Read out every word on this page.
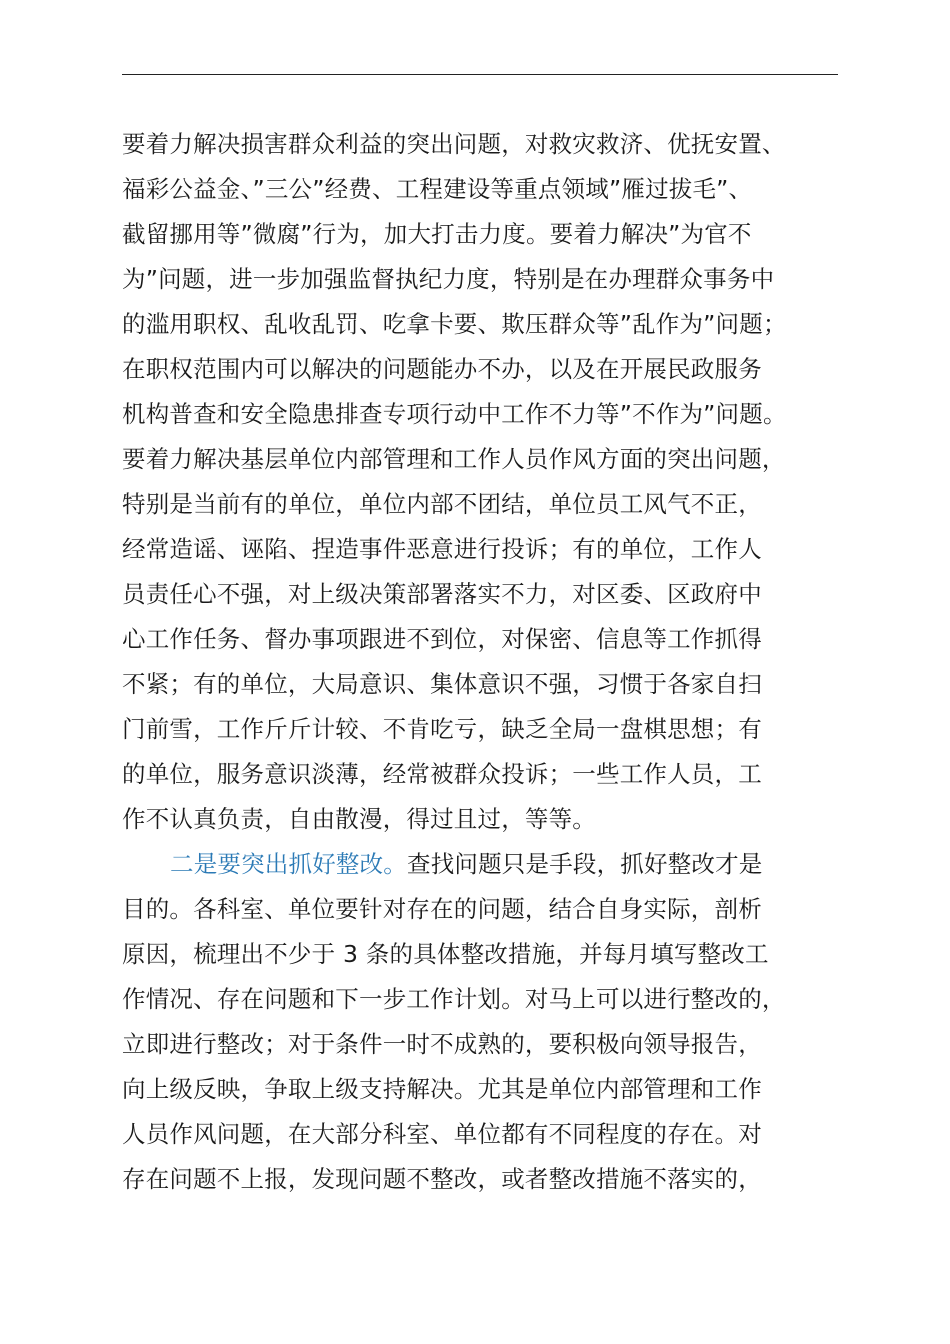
要着力解决损害群众利益的突出问题，对救灾救济、优抚安置、
福彩公益金、”三公”经费、工程建设等重点领域”雁过拔毛”、
截留挪用等”微腐”行为，加大打击力度。要着力解决”为官不
为”问题，进一步加强监督执纪力度，特别是在办理群众事务中
的滥用职权、乱收乱罚、吃拿卡要、欺压群众等”乱作为”问题；
在职权范围内可以解决的问题能办不办，以及在开展民政服务
机构普查和安全隐患排查专项行动中工作不力等”不作为”问题。
要着力解决基层单位内部管理和工作人员作风方面的突出问题，
特别是当前有的单位，单位内部不团结，单位员工风气不正，
经常造谣、诬陷、捏造事件恶意进行投诉；有的单位，工作人
员责任心不强，对上级决策部署落实不力，对区委、区政府中
心工作任务、督办事项跟进不到位，对保密、信息等工作抓得
不紧；有的单位，大局意识、集体意识不强，习惯于各家自扫
门前雪，工作斤斤计较、不肯吃亏，缺乏全局一盘棋思想；有
的单位，服务意识淡薄，经常被群众投诉；一些工作人员，工
作不认真负责，自由散漫，得过且过，等等。
二是要突出抓好整改。查找问题只是手段，抓好整改才是
目的。各科室、单位要针对存在的问题，结合自身实际，剖析
原因，梳理出不少于 3 条的具体整改措施，并每月填写整改工
作情况、存在问题和下一步工作计划。对马上可以进行整改的，
立即进行整改；对于条件一时不成熟的，要积极向领导报告，
向上级反映，争取上级支持解决。尤其是单位内部管理和工作
人员作风问题，在大部分科室、单位都有不同程度的存在。对
存在问题不上报，发现问题不整改，或者整改措施不落实的，
